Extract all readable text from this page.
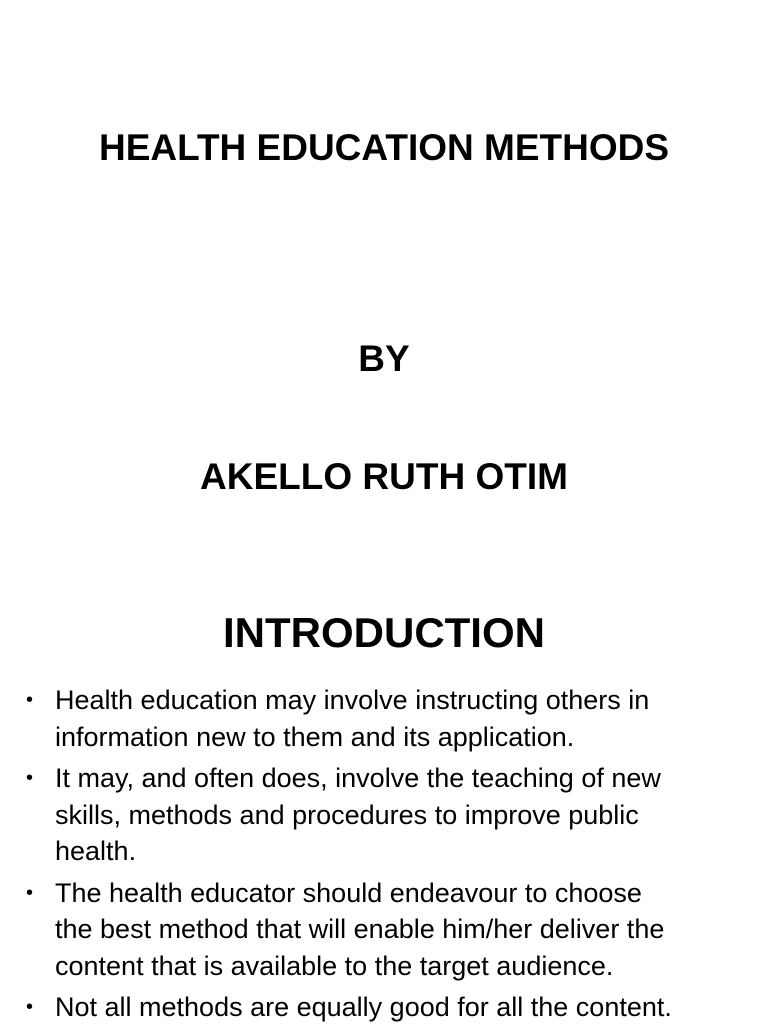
HEALTH EDUCATION METHODS
BY
AKELLO RUTH OTIM
INTRODUCTION
• Health education may involve instructing others in
information new to them and its application.
• It may, and often does, involve the teaching of new
skills, methods and procedures to improve public
health.
• The health educator should endeavour to choose
the best method that will enable him/her deliver the
content that is available to the target audience.
• Not all methods are equally good for all the content.
